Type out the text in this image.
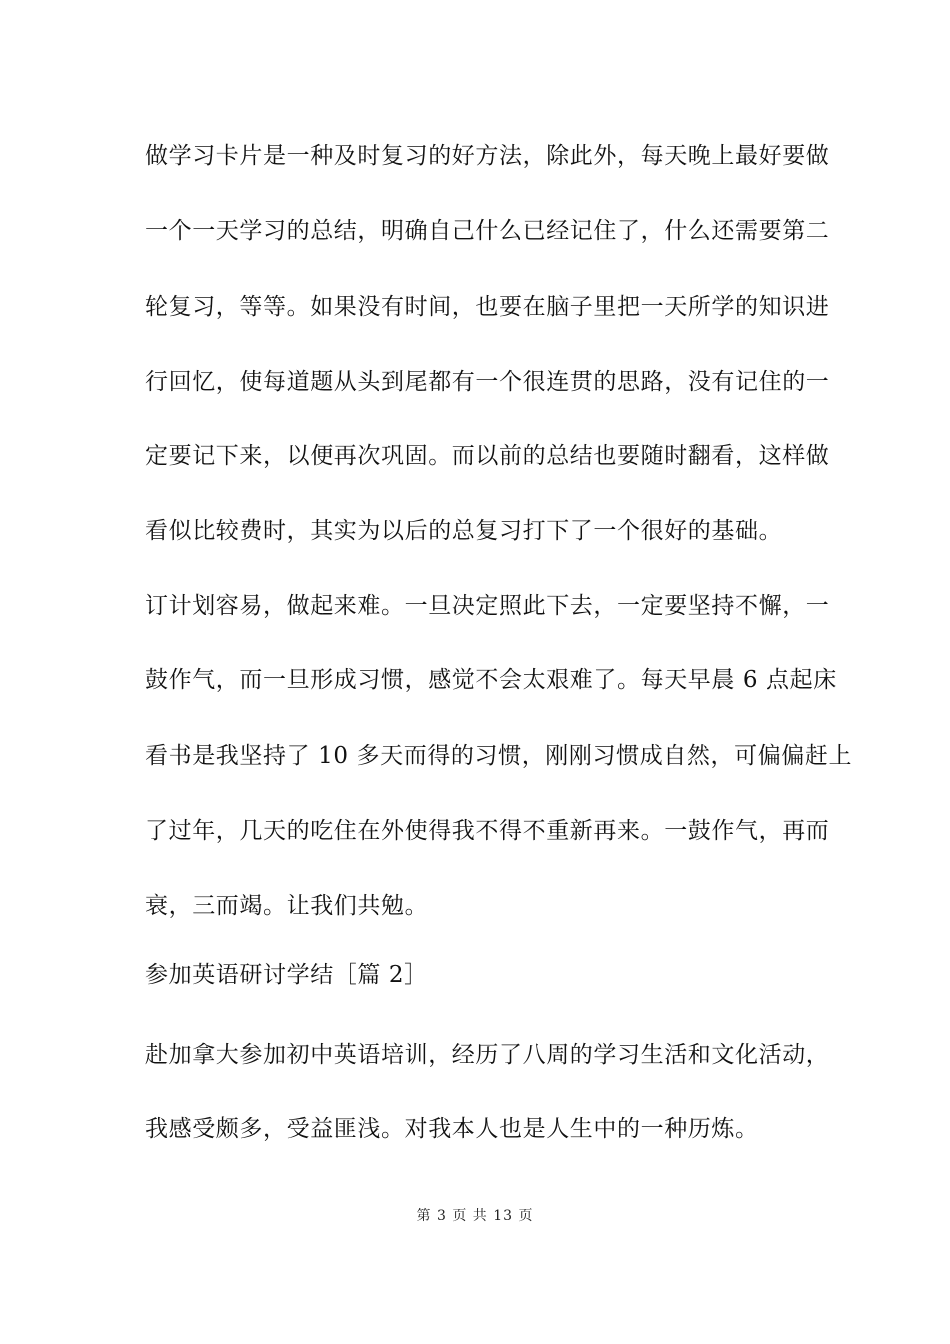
做学习卡片是一种及时复习的好方法，除此外，每天晚上最好要做
一个一天学习的总结，明确自己什么已经记住了，什么还需要第二
轮复习，等等。如果没有时间，也要在脑子里把一天所学的知识进
行回忆，使每道题从头到尾都有一个很连贯的思路，没有记住的一
定要记下来，以便再次巩固。而以前的总结也要随时翻看，这样做
看似比较费时，其实为以后的总复习打下了一个很好的基础。
订计划容易，做起来难。一旦决定照此下去，一定要坚持不懈，一
鼓作气，而一旦形成习惯，感觉不会太艰难了。每天早晨 6 点起床
看书是我坚持了 10 多天而得的习惯，刚刚习惯成自然，可偏偏赶上
了过年，几天的吃住在外使得我不得不重新再来。一鼓作气，再而
衰，三而竭。让我们共勉。
参加英语研讨学结［篇 2］
赴加拿大参加初中英语培训，经历了八周的学习生活和文化活动，
我感受颇多，受益匪浅。对我本人也是人生中的一种历炼。
第 3 页 共 13 页
